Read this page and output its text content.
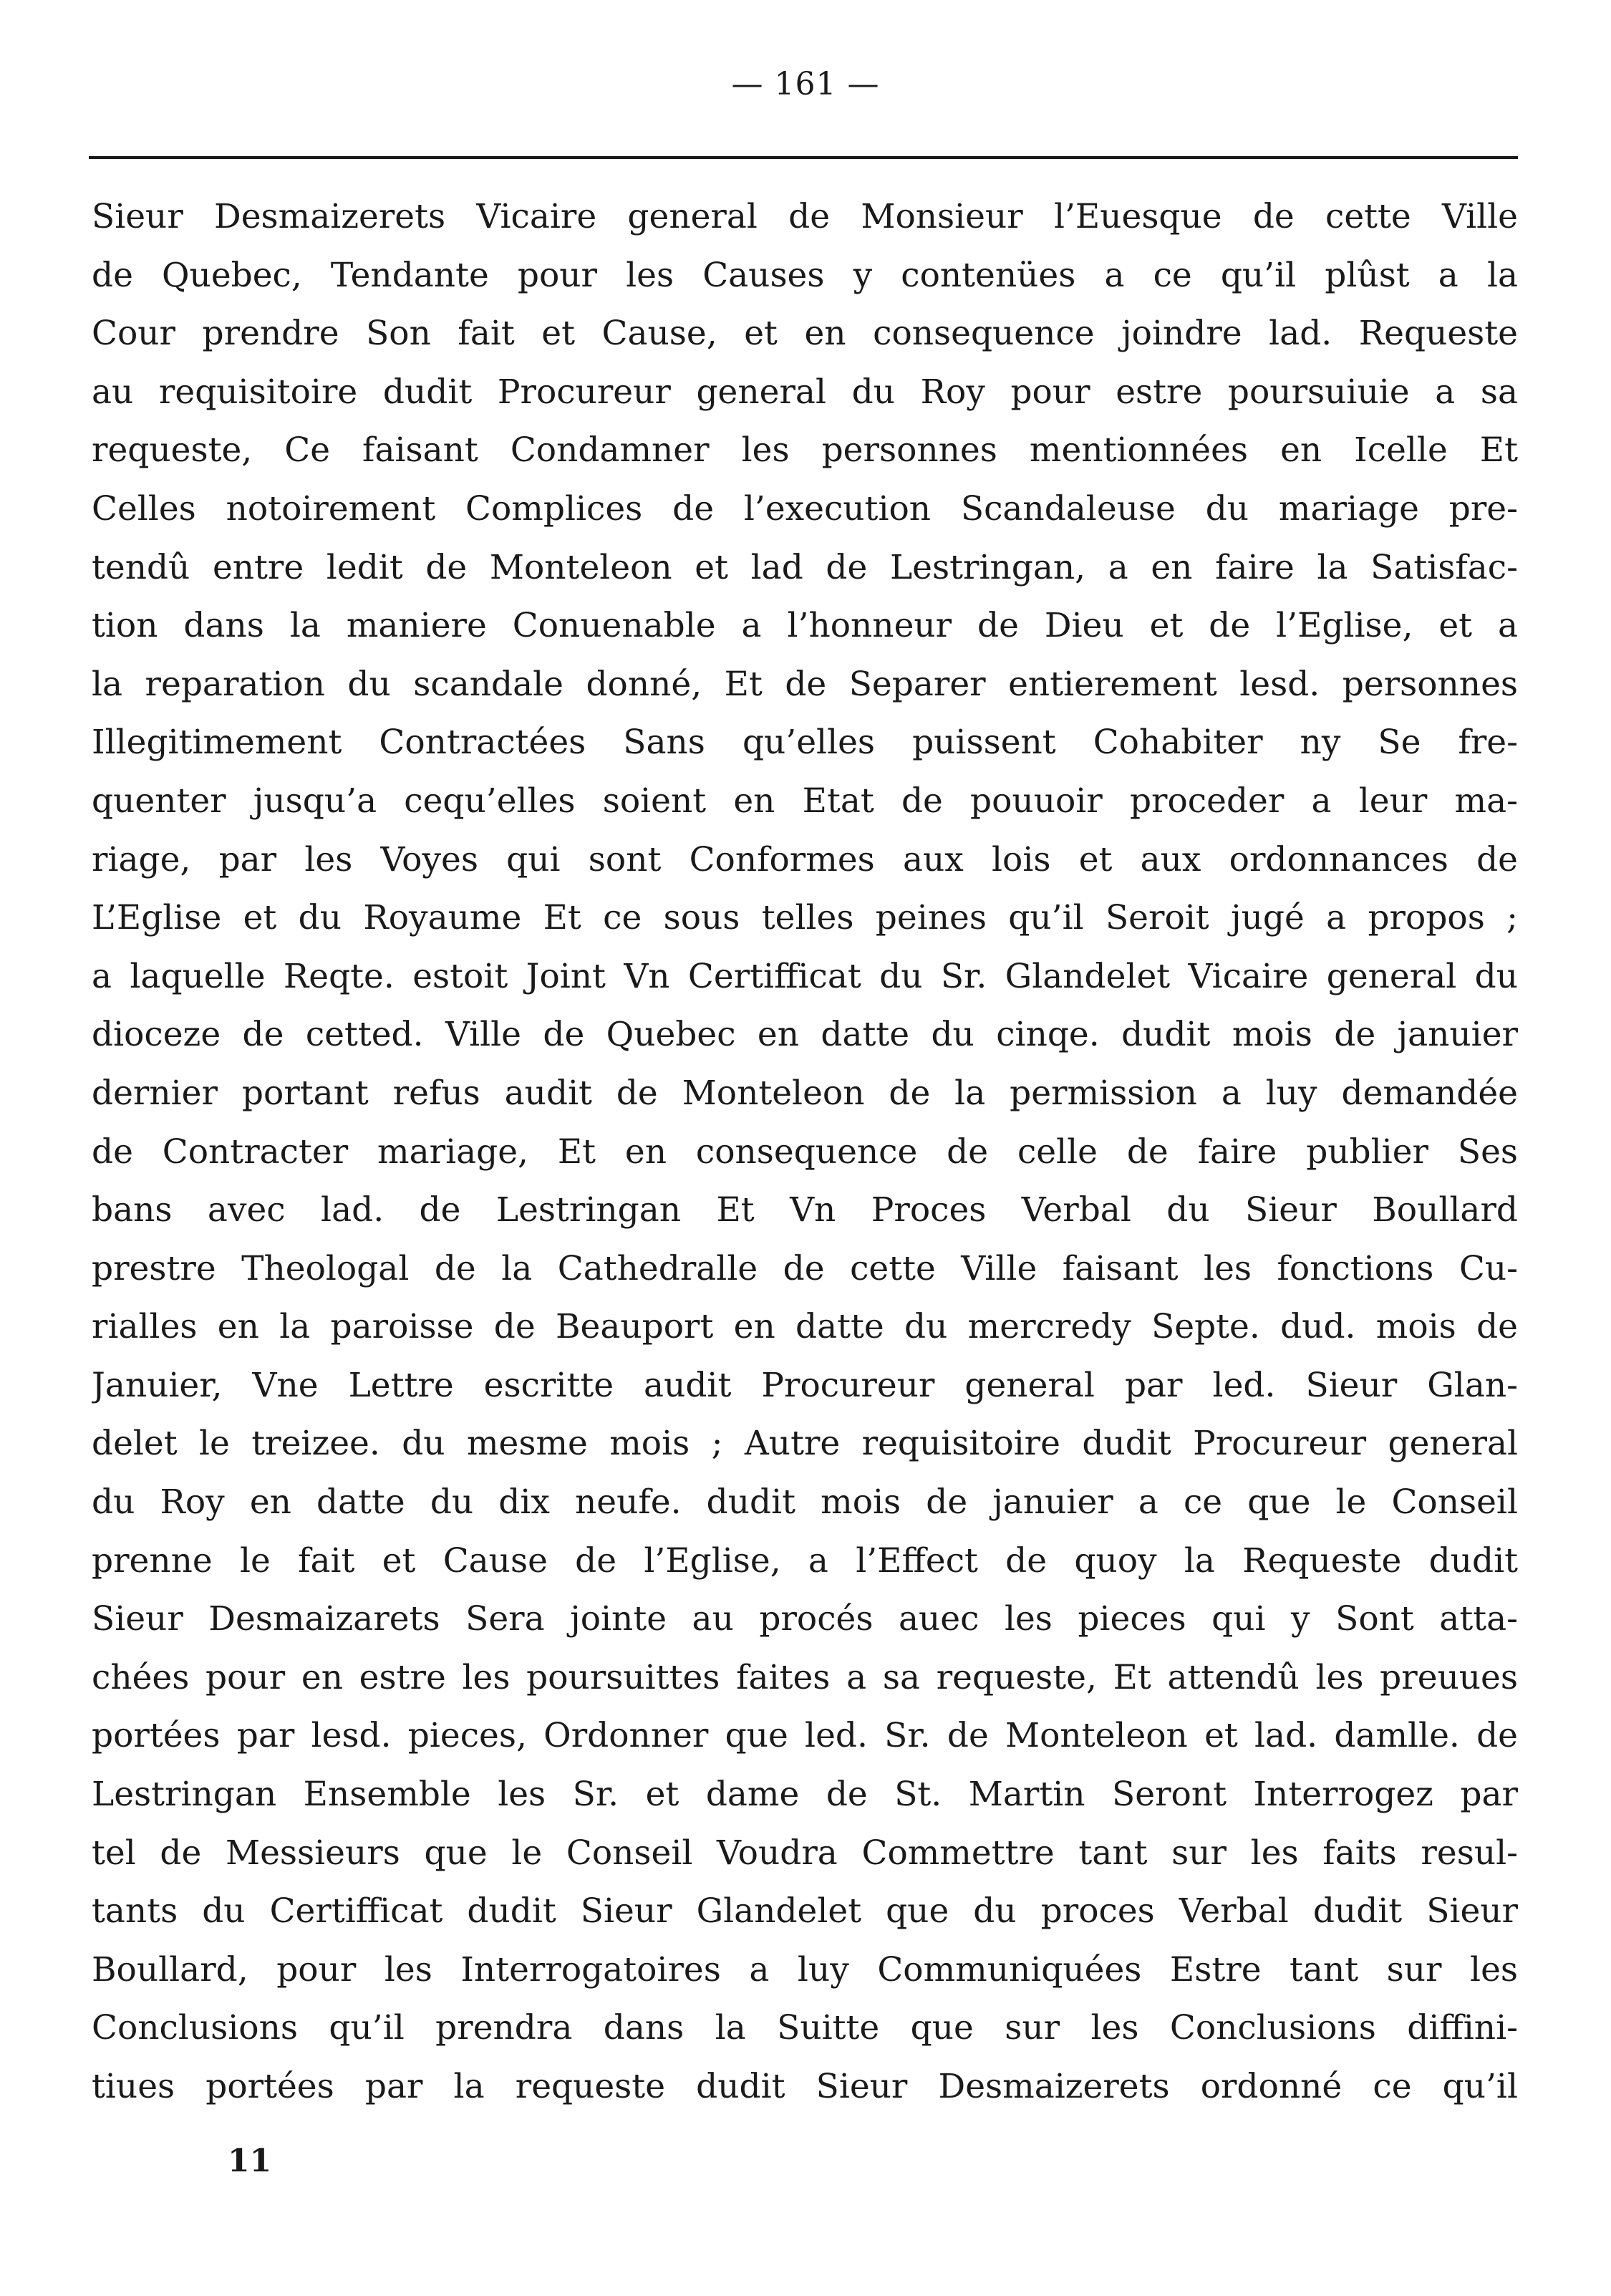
— 161 —
Sieur Desmaizerets Vicaire general de Monsieur l’Euesque de cette Ville
de Quebec, Tendante pour les Causes y contenües a ce qu’il plûst a la
Cour prendre Son fait et Cause, et en consequence joindre lad. Requeste
au requisitoire dudit Procureur general du Roy pour estre poursuiuie a sa
requeste, Ce faisant Condamner les personnes mentionnées en Icelle Et
Celles notoirement Complices de l’execution Scandaleuse du mariage pre-
tendû entre ledit de Monteleon et lad de Lestringan, a en faire la Satisfac-
tion dans la maniere Conuenable a l’honneur de Dieu et de l’Eglise, et a
la reparation du scandale donné, Et de Separer entierement lesd. personnes
Illegitimement Contractées Sans qu’elles puissent Cohabiter ny Se fre-
quenter jusqu’a cequ’elles soient en Etat de pouuoir proceder a leur ma-
riage, par les Voyes qui sont Conformes aux lois et aux ordonnances de
L’Eglise et du Royaume Et ce sous telles peines qu’il Seroit jugé a propos ;
a laquelle Reqte. estoit Joint Vn Certifficat du Sr. Glandelet Vicaire general du
dioceze de cetted. Ville de Quebec en datte du cinqe. dudit mois de januier
dernier portant refus audit de Monteleon de la permission a luy demandée
de Contracter mariage, Et en consequence de celle de faire publier Ses
bans avec lad. de Lestringan Et Vn Proces Verbal du Sieur Boullard
prestre Theologal de la Cathedralle de cette Ville faisant les fonctions Cu-
rialles en la paroisse de Beauport en datte du mercredy Septe. dud. mois de
Januier, Vne Lettre escritte audit Procureur general par led. Sieur Glan-
delet le treizee. du mesme mois ; Autre requisitoire dudit Procureur general
du Roy en datte du dix neufe. dudit mois de januier a ce que le Conseil
prenne le fait et Cause de l’Eglise, a l’Effect de quoy la Requeste dudit
Sieur Desmaizarets Sera jointe au procés auec les pieces qui y Sont atta-
chées pour en estre les poursuittes faites a sa requeste, Et attendû les preuues
portées par lesd. pieces, Ordonner que led. Sr. de Monteleon et lad. damlle. de
Lestringan Ensemble les Sr. et dame de St. Martin Seront Interrogez par
tel de Messieurs que le Conseil Voudra Commettre tant sur les faits resul-
tants du Certifficat dudit Sieur Glandelet que du proces Verbal dudit Sieur
Boullard, pour les Interrogatoires a luy Communiquées Estre tant sur les
Conclusions qu’il prendra dans la Suitte que sur les Conclusions diffini-
tiues portées par la requeste dudit Sieur Desmaizerets ordonné ce qu’il
11
